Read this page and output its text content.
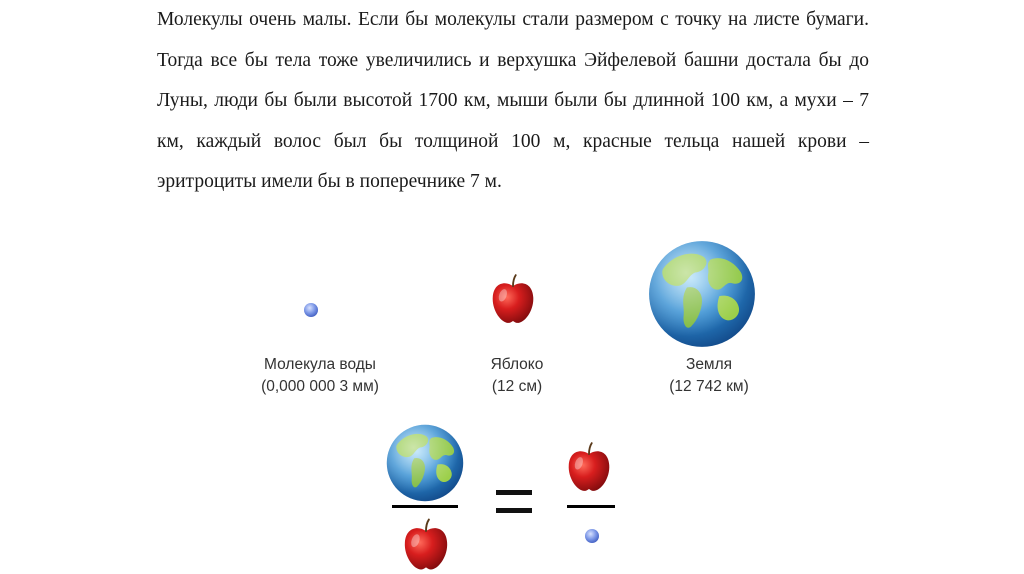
Молекулы очень малы. Если бы молекулы стали размером с точку на листе бумаги. Тогда все бы тела тоже увеличились и верхушка Эйфелевой башни достала бы до Луны, люди бы были высотой 1700 км, мыши были бы длинной 100 км, а мухи – 7 км, каждый волос был бы толщиной 100 м, красные тельца нашей крови – эритроциты имели бы в поперечнике 7 м.

Молекула воды
(0,000 000 3 мм)
Яблоко
(12 см)
Земля
(12 742 км)
